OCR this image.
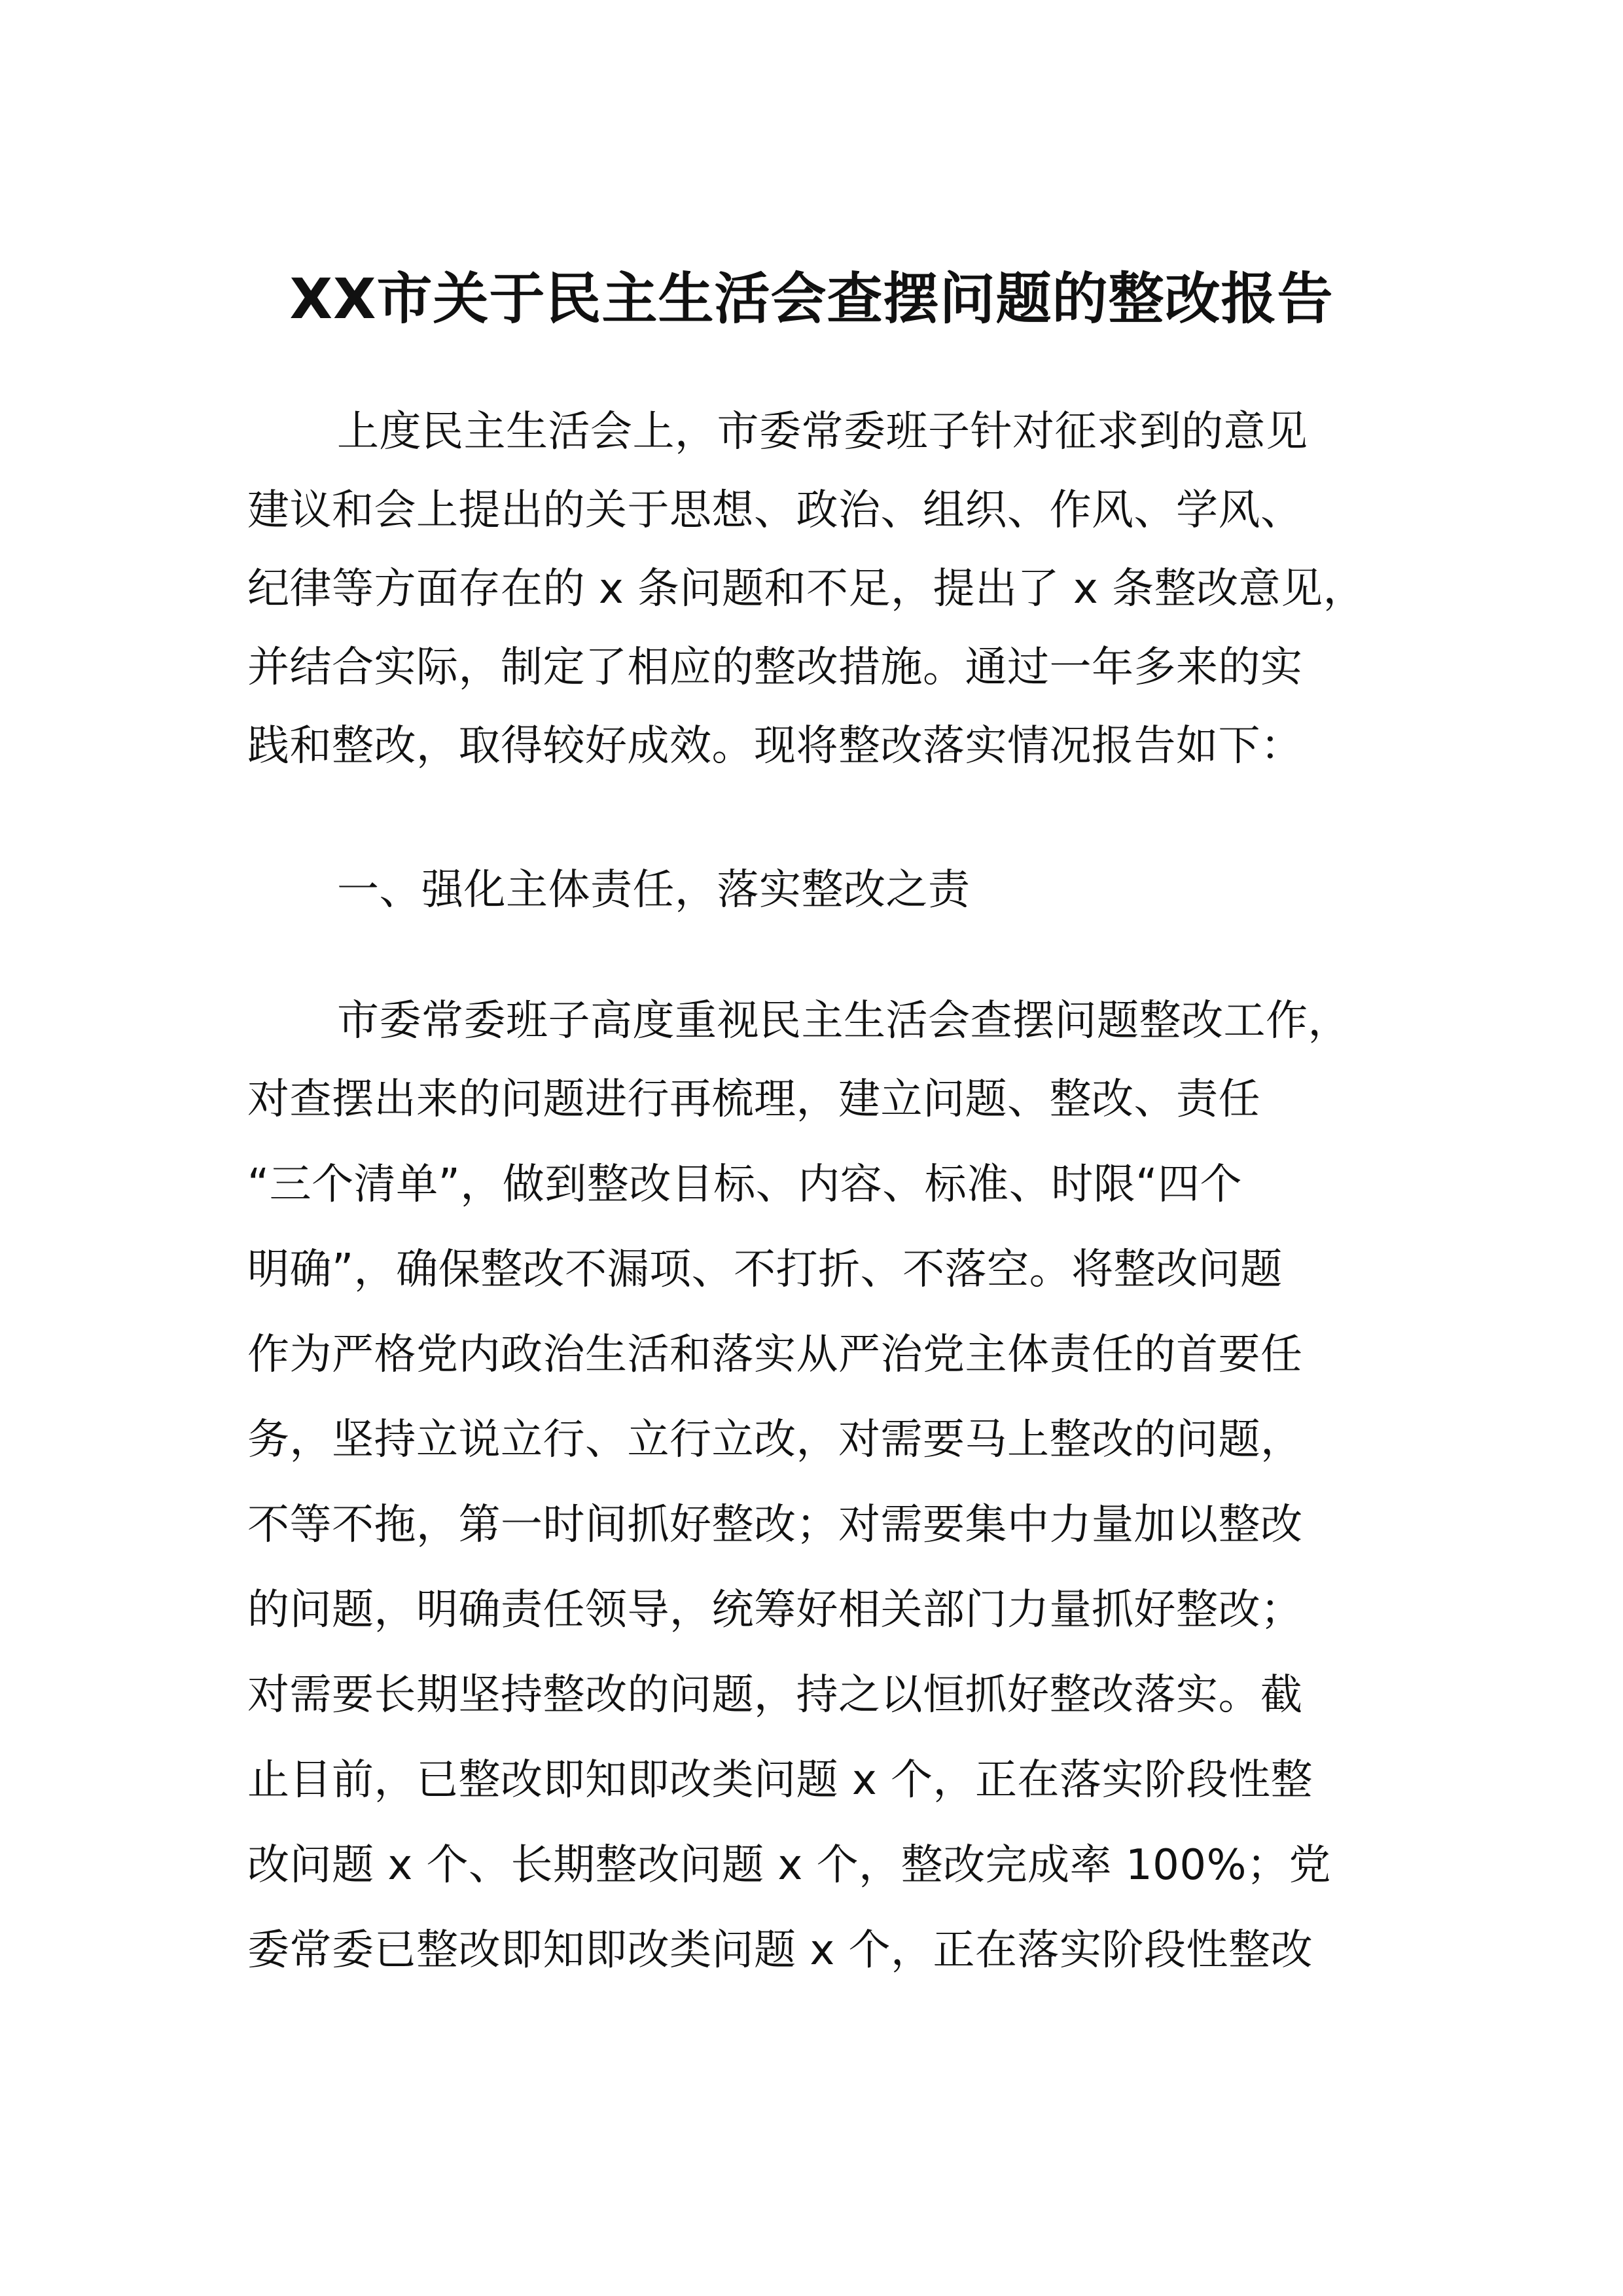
XX市关于民主生活会查摆问题的整改报告
上度民主生活会上，市委常委班子针对征求到的意见
建议和会上提出的关于思想、政治、组织、作风、学风、
纪律等方面存在的 x 条问题和不足，提出了 x 条整改意见，
并结合实际，制定了相应的整改措施。通过一年多来的实
践和整改，取得较好成效。现将整改落实情况报告如下：
一、强化主体责任，落实整改之责
市委常委班子高度重视民主生活会查摆问题整改工作，
对查摆出来的问题进行再梳理，建立问题、整改、责任
“三个清单”，做到整改目标、内容、标准、时限“四个
明确”，确保整改不漏项、不打折、不落空。将整改问题
作为严格党内政治生活和落实从严治党主体责任的首要任
务，坚持立说立行、立行立改，对需要马上整改的问题，
不等不拖，第一时间抓好整改；对需要集中力量加以整改
的问题，明确责任领导，统筹好相关部门力量抓好整改；
对需要长期坚持整改的问题，持之以恒抓好整改落实。截
止目前，已整改即知即改类问题 x 个，正在落实阶段性整
改问题 x 个、长期整改问题 x 个，整改完成率 100%；党
委常委已整改即知即改类问题 x 个，正在落实阶段性整改
